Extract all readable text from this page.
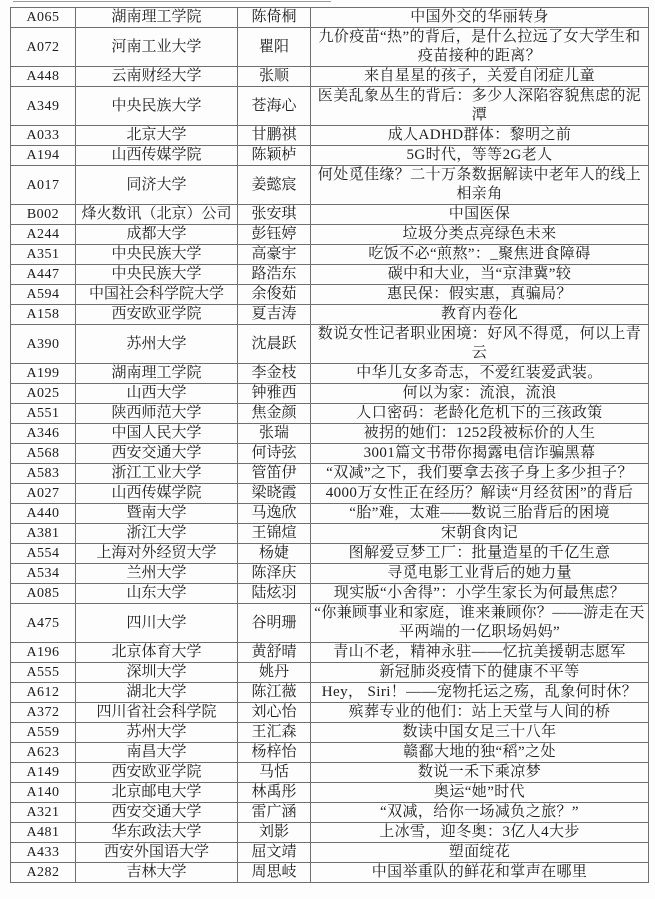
A065	湖南理工学院	陈倚桐	中国外交的华丽转身
A072	河南工业大学	瞿阳	九价疫苗“热”的背后，是什么拉远了女大学生和疫苗接种的距离？
A448	云南财经大学	张顺	来自星星的孩子，关爱自闭症儿童
A349	中央民族大学	苍海心	医美乱象丛生的背后：多少人深陷容貌焦虑的泥潭
A033	北京大学	甘鹏祺	成人ADHD群体：黎明之前
A194	山西传媒学院	陈颖栌	5G时代，等等2G老人
A017	同济大学	姜懿宸	何处觅佳缘？二十万条数据解读中老年人的线上相亲角
B002	烽火数讯（北京）公司	张安琪	中国医保
A244	成都大学	彭钰婷	垃圾分类点亮绿色未来
A351	中央民族大学	高豪宇	吃饭不必“煎熬”：_聚焦进食障碍
A447	中央民族大学	路浩东	碳中和大业，当“京津冀”较
A594	中国社会科学院大学	余俊茹	惠民保：假实惠，真骗局？
A158	西安欧亚学院	夏吉涛	教育内卷化
A390	苏州大学	沈晨跃	数说女性记者职业困境：好风不得觅，何以上青云
A199	湖南理工学院	李金枝	中华儿女多奇志，不爱红装爱武装。
A025	山西大学	钟雅西	何以为家：流浪，流浪
A551	陕西师范大学	焦金颜	人口密码：老龄化危机下的三孩政策
A346	中国人民大学	张瑞	被拐的她们：1252段被标价的人生
A568	西安交通大学	何诗弦	3001篇文书带你揭露电信诈骗黑幕
A583	浙江工业大学	管笛伊	“双减”之下，我们要拿去孩子身上多少担子？
A027	山西传媒学院	梁晓霞	4000万女性正在经历？解读“月经贫困”的背后
A440	暨南大学	马逸欣	“胎”难，太难——数说三胎背后的困境
A381	浙江大学	王锦煊	宋朝食肉记
A554	上海对外经贸大学	杨婕	图解爱豆梦工厂：批量造星的千亿生意
A534	兰州大学	陈泽庆	寻觅电影工业背后的她力量
A085	山东大学	陆炫羽	现实版“小舍得”：小学生家长为何最焦虑？
A475	四川大学	谷明珊	“你兼顾事业和家庭，谁来兼顾你？——游走在天平两端的一亿职场妈妈”
A196	北京体育大学	黄舒晴	青山不老，精神永驻——忆抗美援朝志愿军
A555	深圳大学	姚丹	新冠肺炎疫情下的健康不平等
A612	湖北大学	陈江薇	Hey， Siri！——宠物托运之殇，乱象何时休？
A372	四川省社会科学院	刘心怡	殡葬专业的他们：站上天堂与人间的桥
A559	苏州大学	王汇森	数读中国女足三十八年
A623	南昌大学	杨梓怡	赣鄱大地的独“稻”之处
A149	西安欧亚学院	马恬	数说一禾下乘凉梦
A140	北京邮电大学	林禹彤	奥运“她”时代
A321	西安交通大学	雷广涵	“双减，给你一场减负之旅？”
A481	华东政法大学	刘影	上冰雪，迎冬奥：3亿人4大步
A433	西安外国语大学	屈文靖	塑面绽花
A282	吉林大学	周思岐	中国举重队的鲜花和掌声在哪里
